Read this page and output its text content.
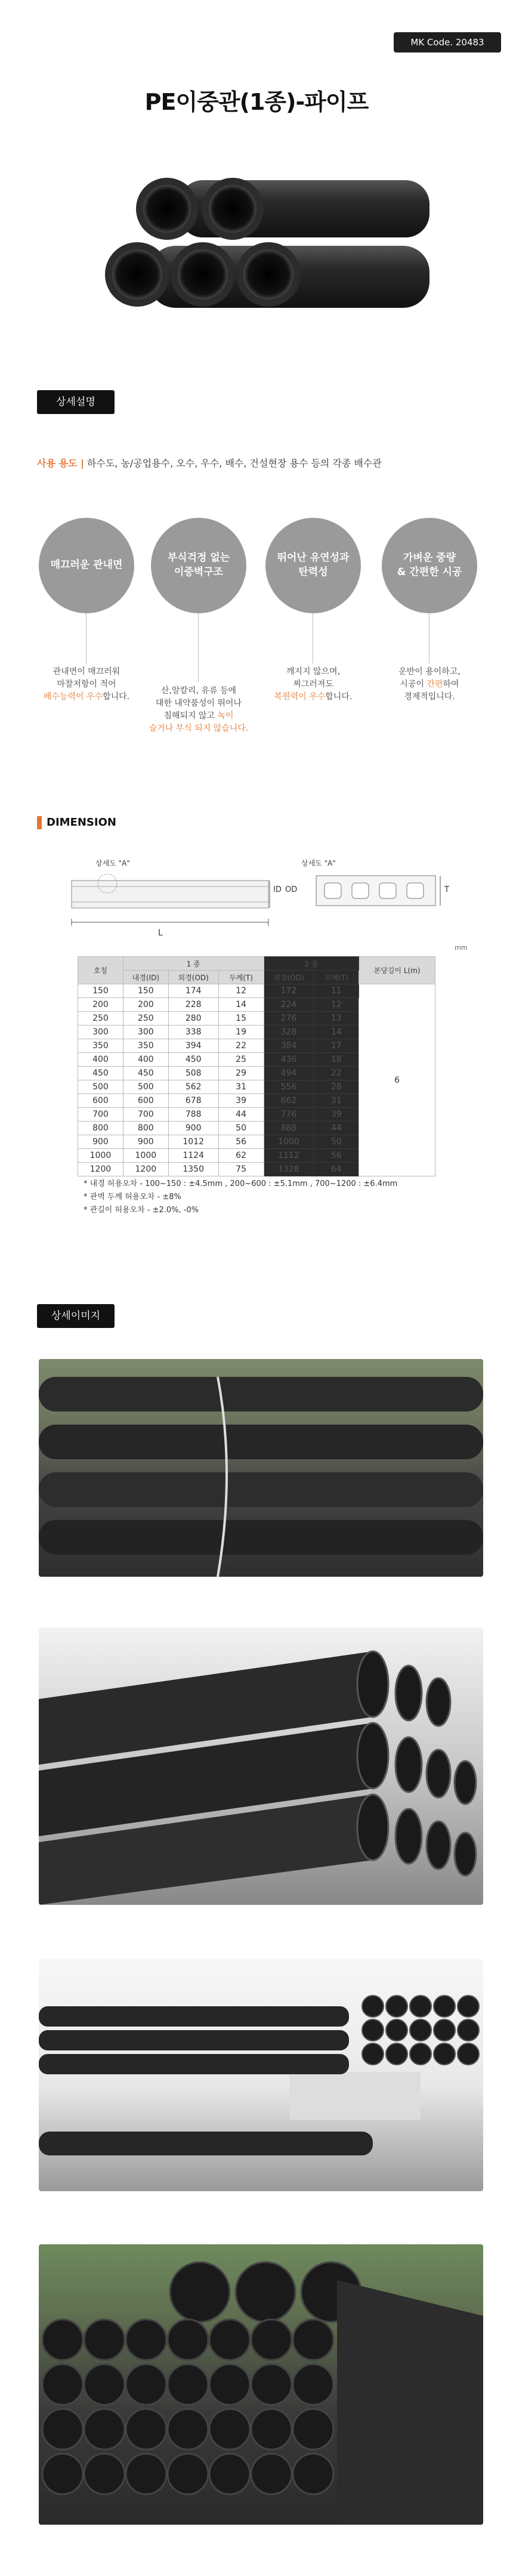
MK Code. 20483
PE이중관(1종)-파이프
상세설명
사용 용도 | 하수도, 농/공업용수, 오수, 우수, 배수, 건설현장 용수 등의 각종 배수관
매끄러운 관내면

관내면이 매끄러워
마찰저항이 적어
배수능력이 우수합니다.
부식걱정 없는
이중벽구조
산,알칼리, 유류 등에
대한 내약품성이 뛰어나
침해되지 않고 녹이
슬거나 부식 되지 않습니다.
뛰어난 유연성과
탄력성
깨지지 않으며,
찌그러져도
복원력이 우수합니다.
가벼운 중량
& 간편한 시공
운반이 용이하고,
시공이 간편하여
경제적입니다.
DIMENSION
상세도 "A"
L
ID OD
상세도 "A"
T
mm
호칭	1 종			2 종		본당길이 L(m)
	내경(ID)	외경(OD)	두께(T)	외경(OD)	두께(T)	
150	150	174	12	172	11	6
200	200	228	14	224	12	
250	250	280	15	276	13	
300	300	338	19	328	14	
350	350	394	22	384	17	
400	400	450	25	436	18	
450	450	508	29	494	22	
500	500	562	31	556	28	
600	600	678	39	662	31	
700	700	788	44	776	39	
800	800	900	50	888	44	
900	900	1012	56	1000	50	
1000	1000	1124	62	1112	56	
1200	1200	1350	75	1328	64	
* 내경 허용오차 - 100~150 : ±4.5mm , 200~600 : ±5.1mm , 700~1200 : ±6.4mm
* 관벽 두께 허용오차 - ±8%
* 관길이 허용오차 - ±2.0%, -0%
상세이미지
